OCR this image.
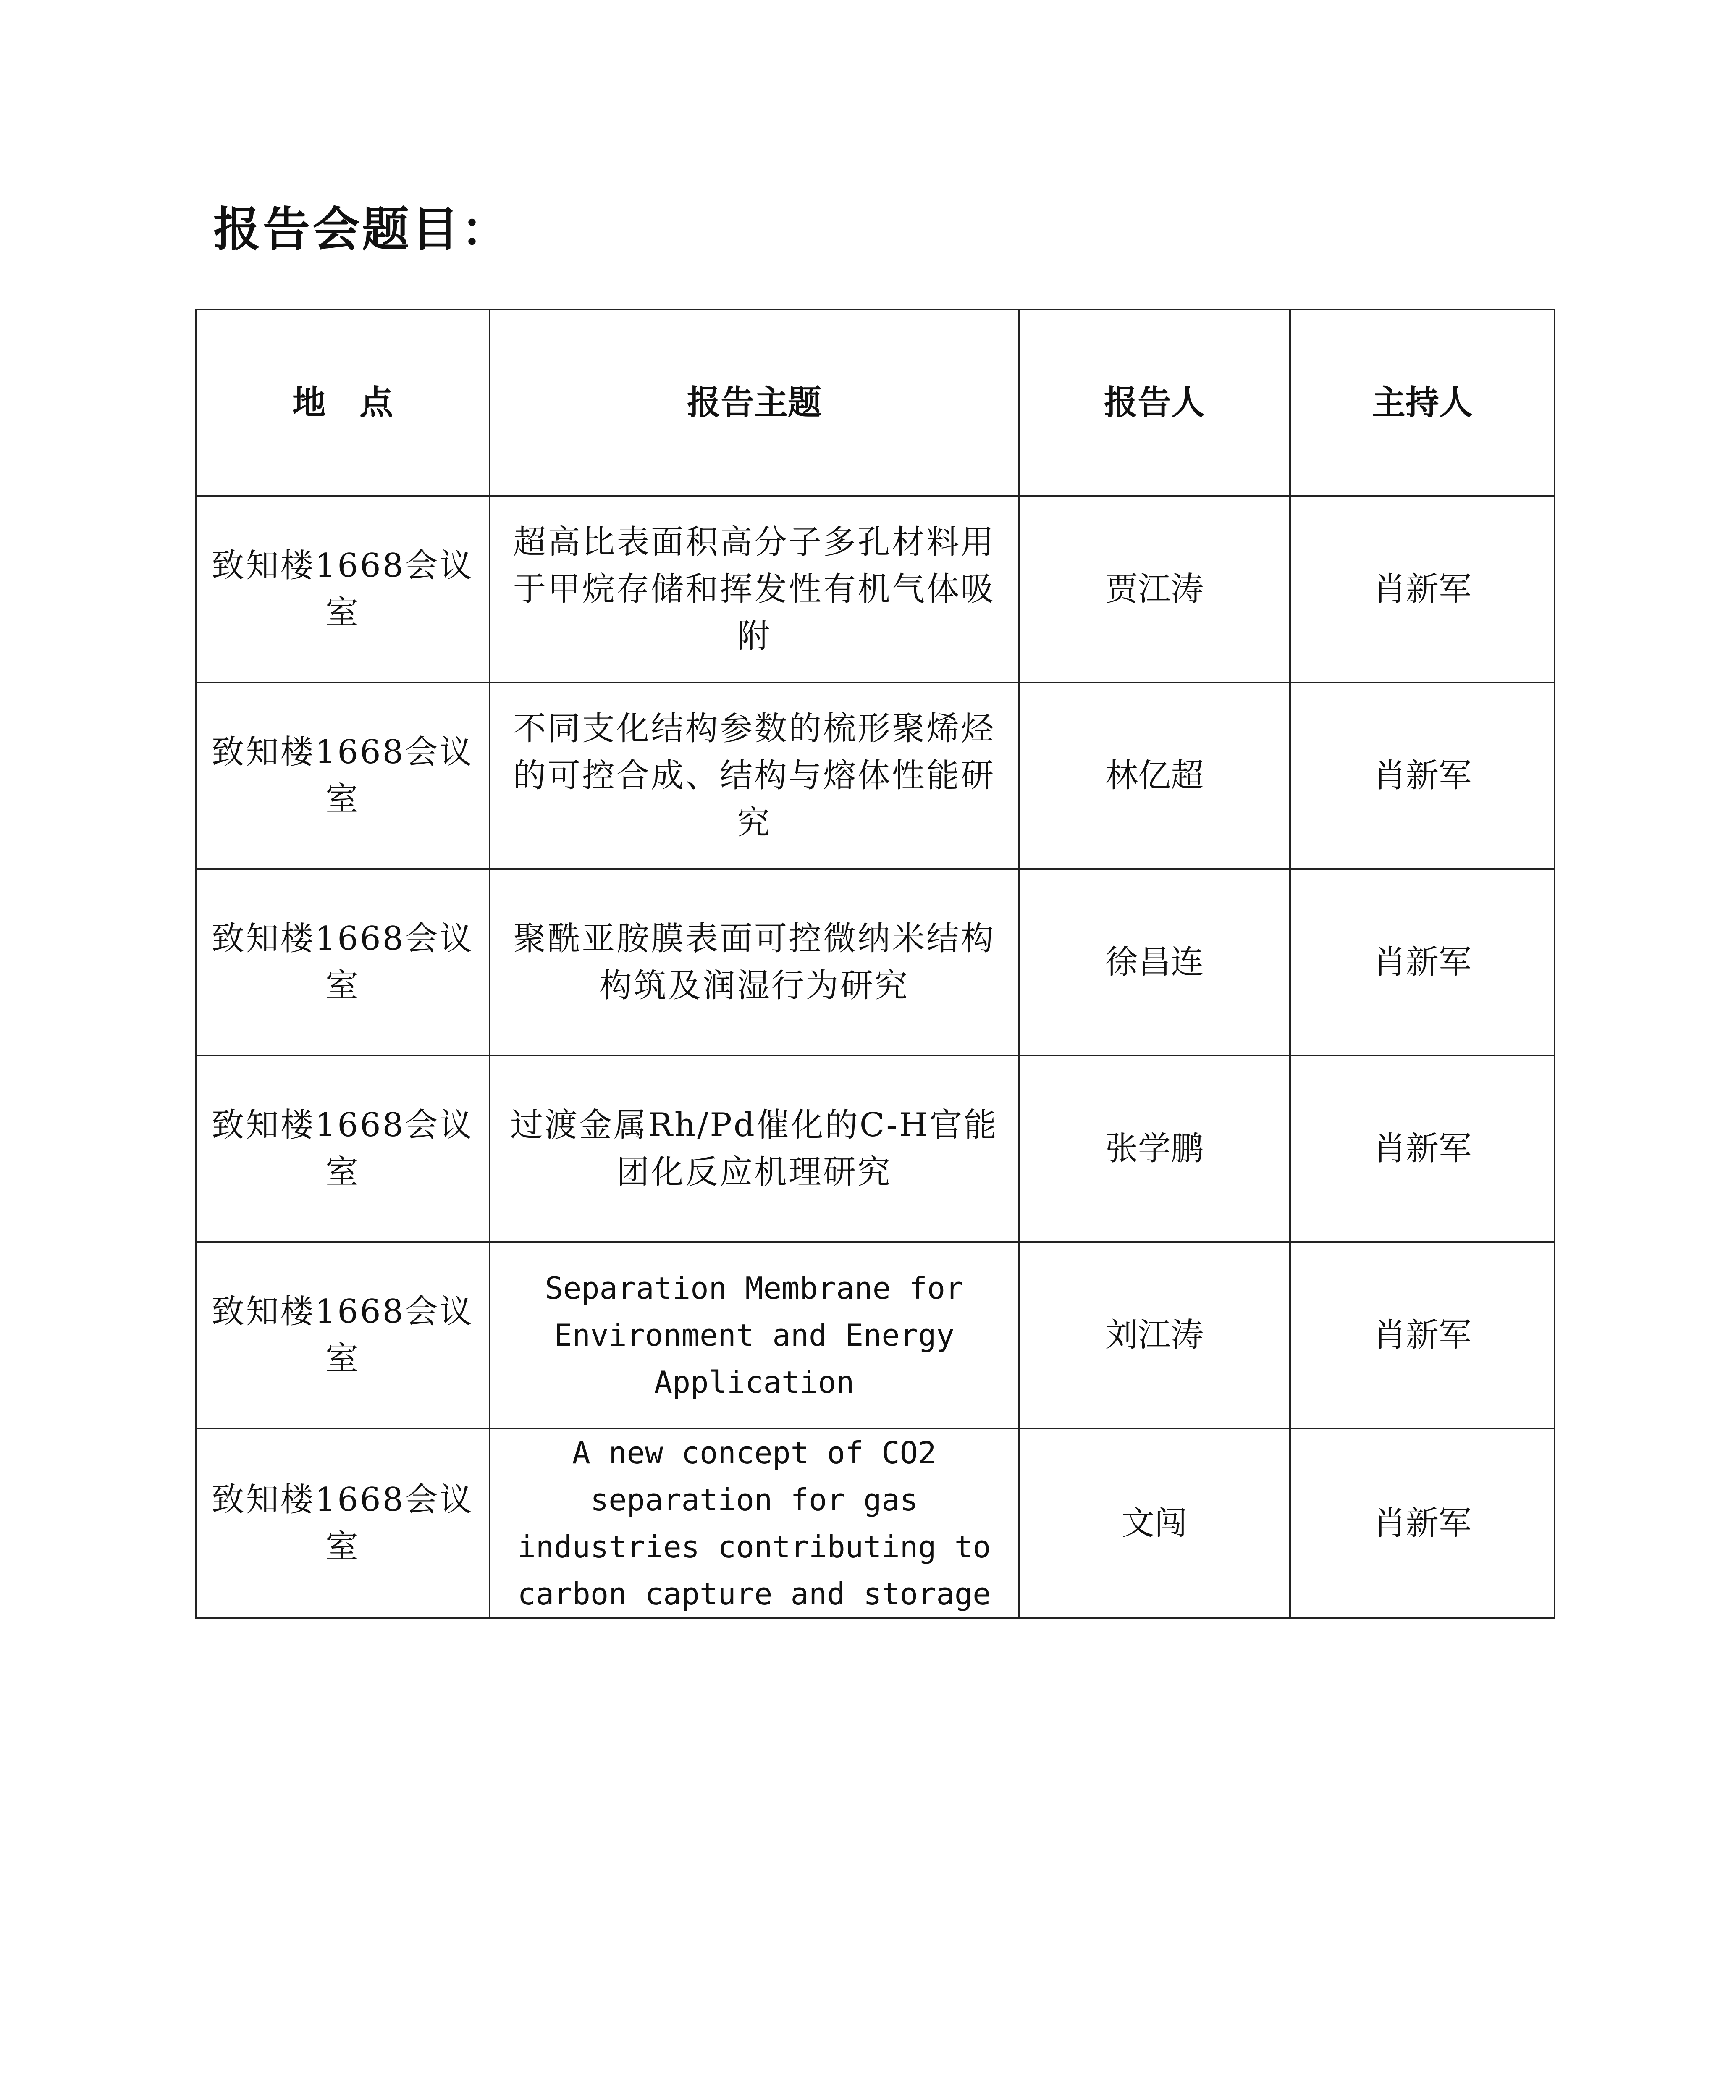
报告会题目：
地　点	报告主题	报告人	主持人
致知楼1668会议室	超高比表面积高分子多孔材料用于甲烷存储和挥发性有机气体吸附	贾江涛	肖新军
致知楼1668会议室	不同支化结构参数的梳形聚烯烃的可控合成、结构与熔体性能研究	林亿超	肖新军
致知楼1668会议室	聚酰亚胺膜表面可控微纳米结构构筑及润湿行为研究	徐昌连	肖新军
致知楼1668会议室	过渡金属Rh/Pd催化的C-H官能团化反应机理研究	张学鹏	肖新军
致知楼1668会议室	Separation Membrane for Environment and Energy Application	刘江涛	肖新军
致知楼1668会议室	A new concept of CO2 separation for gas industries contributing to carbon capture and storage	文闯	肖新军
